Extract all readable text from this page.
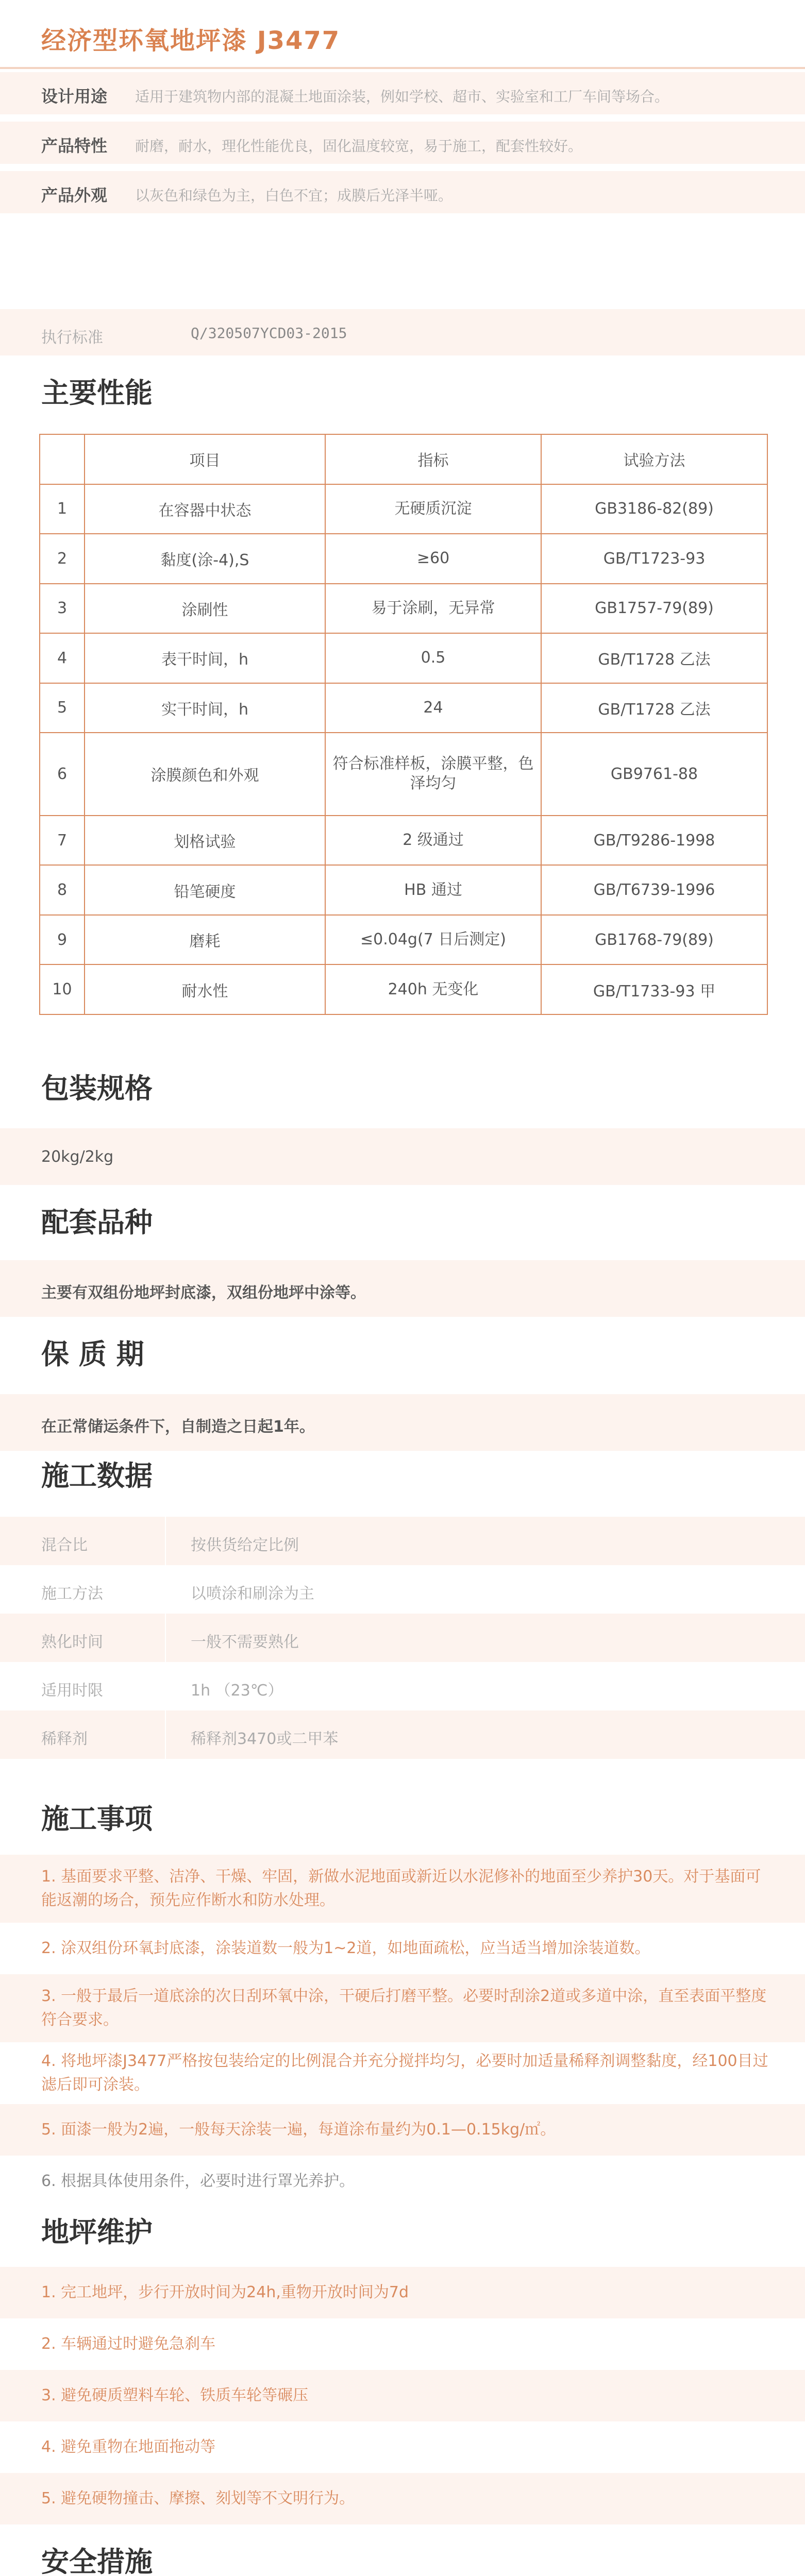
经济型环氧地坪漆 J3477
设计用途 适用于建筑物内部的混凝土地面涂装，例如学校、超市、实验室和工厂车间等场合。
产品特性 耐磨，耐水，理化性能优良，固化温度较宽，易于施工，配套性较好。
产品外观 以灰色和绿色为主，白色不宜；成膜后光泽半哑。
执行标准	Q/320507YCD03-2015
主要性能
	项目	指标	试验方法
1	在容器中状态	无硬质沉淀	GB3186-82(89)
2	黏度(涂-4),S	≥60	GB/T1723-93
3	涂刷性	易于涂刷，无异常	GB1757-79(89)
4	表干时间，h	0.5	GB/T1728 乙法
5	实干时间，h	24	GB/T1728 乙法
6	涂膜颜色和外观	符合标准样板，涂膜平整，色泽均匀	GB9761-88
7	划格试验	2 级通过	GB/T9286-1998
8	铅笔硬度	HB 通过	GB/T6739-1996
9	磨耗	≤0.04g(7 日后测定)	GB1768-79(89)
10	耐水性	240h 无变化	GB/T1733-93 甲
包装规格
20kg/2kg
配套品种
主要有双组份地坪封底漆，双组份地坪中涂等。
保 质 期
在正常储运条件下，自制造之日起1年。
施工数据
混合比	按供货给定比例
施工方法	以喷涂和刷涂为主
熟化时间	一般不需要熟化
适用时限	1h （23℃）
稀释剂	稀释剂3470或二甲苯
施工事项
1. 基面要求平整、洁净、干燥、牢固，新做水泥地面或新近以水泥修补的地面至少养护30天。对于基面可能返潮的场合，预先应作断水和防水处理。
2. 涂双组份环氧封底漆，涂装道数一般为1~2道，如地面疏松，应当适当增加涂装道数。
3. 一般于最后一道底涂的次日刮环氧中涂，干硬后打磨平整。必要时刮涂2道或多道中涂，直至表面平整度符合要求。
4. 将地坪漆J3477严格按包装给定的比例混合并充分搅拌均匀，必要时加适量稀释剂调整黏度，经100目过滤后即可涂装。
5. 面漆一般为2遍，一般每天涂装一遍，每道涂布量约为0.1—0.15kg/㎡。
6. 根据具体使用条件，必要时进行罩光养护。
地坪维护
1. 完工地坪，步行开放时间为24h,重物开放时间为7d
2. 车辆通过时避免急刹车
3. 避免硬质塑料车轮、铁质车轮等碾压
4. 避免重物在地面拖动等
5. 避免硬物撞击、摩擦、刻划等不文明行为。
安全措施
